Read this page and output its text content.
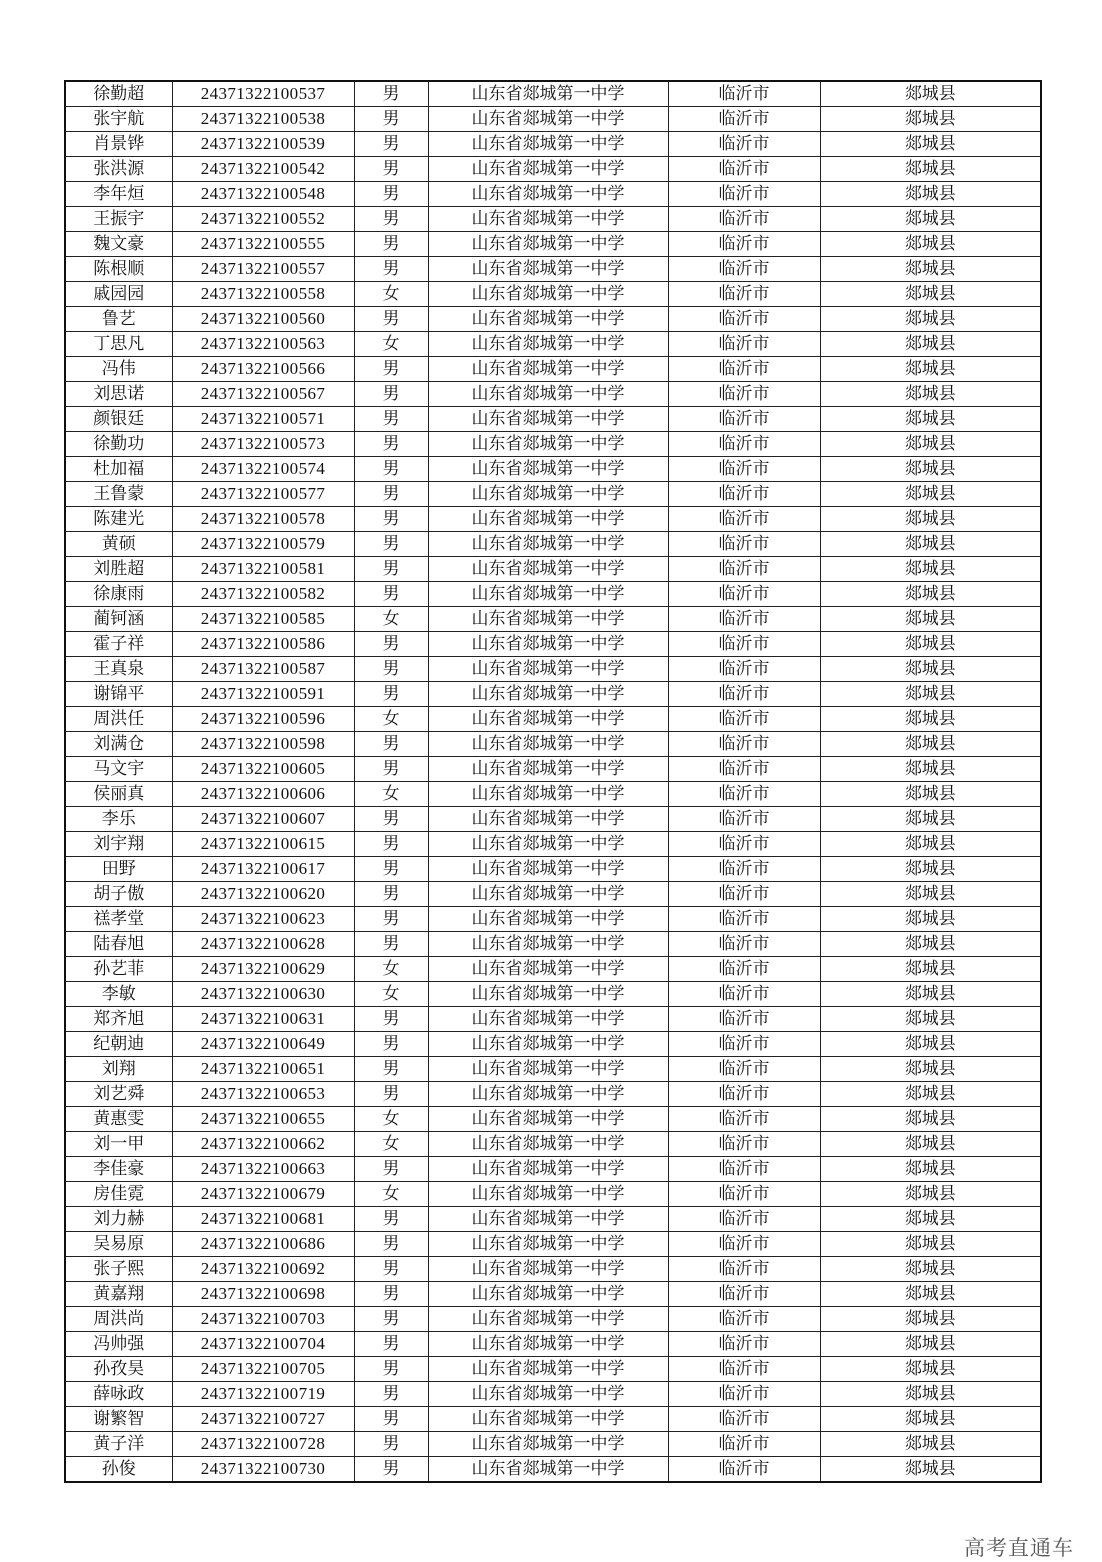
徐勤超	24371322100537	男	山东省郯城第一中学	临沂市	郯城县
张宇航	24371322100538	男	山东省郯城第一中学	临沂市	郯城县
肖景铧	24371322100539	男	山东省郯城第一中学	临沂市	郯城县
张洪源	24371322100542	男	山东省郯城第一中学	临沂市	郯城县
李年烜	24371322100548	男	山东省郯城第一中学	临沂市	郯城县
王振宇	24371322100552	男	山东省郯城第一中学	临沂市	郯城县
魏文豪	24371322100555	男	山东省郯城第一中学	临沂市	郯城县
陈根顺	24371322100557	男	山东省郯城第一中学	临沂市	郯城县
戚园园	24371322100558	女	山东省郯城第一中学	临沂市	郯城县
鲁艺	24371322100560	男	山东省郯城第一中学	临沂市	郯城县
丁思凡	24371322100563	女	山东省郯城第一中学	临沂市	郯城县
冯伟	24371322100566	男	山东省郯城第一中学	临沂市	郯城县
刘思诺	24371322100567	男	山东省郯城第一中学	临沂市	郯城县
颜银廷	24371322100571	男	山东省郯城第一中学	临沂市	郯城县
徐勤功	24371322100573	男	山东省郯城第一中学	临沂市	郯城县
杜加福	24371322100574	男	山东省郯城第一中学	临沂市	郯城县
王鲁蒙	24371322100577	男	山东省郯城第一中学	临沂市	郯城县
陈建光	24371322100578	男	山东省郯城第一中学	临沂市	郯城县
黄硕	24371322100579	男	山东省郯城第一中学	临沂市	郯城县
刘胜超	24371322100581	男	山东省郯城第一中学	临沂市	郯城县
徐康雨	24371322100582	男	山东省郯城第一中学	临沂市	郯城县
蔺钶涵	24371322100585	女	山东省郯城第一中学	临沂市	郯城县
霍子祥	24371322100586	男	山东省郯城第一中学	临沂市	郯城县
王真泉	24371322100587	男	山东省郯城第一中学	临沂市	郯城县
谢锦平	24371322100591	男	山东省郯城第一中学	临沂市	郯城县
周洪任	24371322100596	女	山东省郯城第一中学	临沂市	郯城县
刘满仓	24371322100598	男	山东省郯城第一中学	临沂市	郯城县
马文宇	24371322100605	男	山东省郯城第一中学	临沂市	郯城县
侯丽真	24371322100606	女	山东省郯城第一中学	临沂市	郯城县
李乐	24371322100607	男	山东省郯城第一中学	临沂市	郯城县
刘宇翔	24371322100615	男	山东省郯城第一中学	临沂市	郯城县
田野	24371322100617	男	山东省郯城第一中学	临沂市	郯城县
胡子傲	24371322100620	男	山东省郯城第一中学	临沂市	郯城县
禚孝堂	24371322100623	男	山东省郯城第一中学	临沂市	郯城县
陆春旭	24371322100628	男	山东省郯城第一中学	临沂市	郯城县
孙艺菲	24371322100629	女	山东省郯城第一中学	临沂市	郯城县
李敏	24371322100630	女	山东省郯城第一中学	临沂市	郯城县
郑齐旭	24371322100631	男	山东省郯城第一中学	临沂市	郯城县
纪朝迪	24371322100649	男	山东省郯城第一中学	临沂市	郯城县
刘翔	24371322100651	男	山东省郯城第一中学	临沂市	郯城县
刘艺舜	24371322100653	男	山东省郯城第一中学	临沂市	郯城县
黄惠雯	24371322100655	女	山东省郯城第一中学	临沂市	郯城县
刘一甲	24371322100662	女	山东省郯城第一中学	临沂市	郯城县
李佳豪	24371322100663	男	山东省郯城第一中学	临沂市	郯城县
房佳霓	24371322100679	女	山东省郯城第一中学	临沂市	郯城县
刘力赫	24371322100681	男	山东省郯城第一中学	临沂市	郯城县
吴易原	24371322100686	男	山东省郯城第一中学	临沂市	郯城县
张子熙	24371322100692	男	山东省郯城第一中学	临沂市	郯城县
黄嘉翔	24371322100698	男	山东省郯城第一中学	临沂市	郯城县
周洪尚	24371322100703	男	山东省郯城第一中学	临沂市	郯城县
冯帅强	24371322100704	男	山东省郯城第一中学	临沂市	郯城县
孙孜昊	24371322100705	男	山东省郯城第一中学	临沂市	郯城县
薛咏政	24371322100719	男	山东省郯城第一中学	临沂市	郯城县
谢繁智	24371322100727	男	山东省郯城第一中学	临沂市	郯城县
黄子洋	24371322100728	男	山东省郯城第一中学	临沂市	郯城县
孙俊	24371322100730	男	山东省郯城第一中学	临沂市	郯城县
高考直通车
